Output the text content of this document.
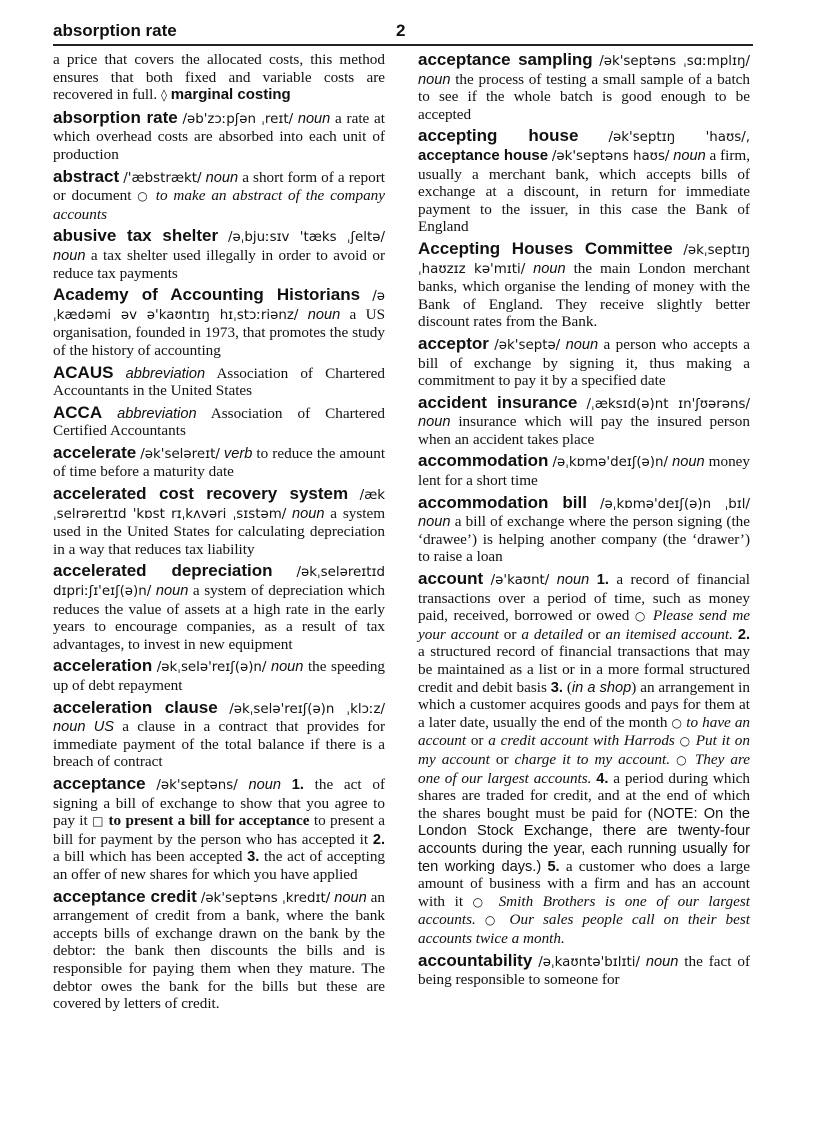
absorption rate	2

a price that covers the allocated costs, this method ensures that both fixed and variable costs are recovered in full. ◊ marginal costing

absorption rate /əb'zɔːpʃən ˌreɪt/ noun a rate at which overhead costs are absorbed into each unit of production

abstract /'æbstrækt/ noun a short form of a report or document ○ to make an abstract of the company accounts

abusive tax shelter /əˌbjuːsɪv 'tæks ˌʃeltə/ noun a tax shelter used illegally in order to avoid or reduce tax payments

Academy of Accounting Historians /əˌkædəmi əv ə'kaʊntɪŋ hɪˌstɔːriənz/ noun a US organisation, founded in 1973, that promotes the study of the history of accounting

ACAUS abbreviation Association of Chartered Accountants in the United States

ACCA abbreviation Association of Chartered Certified Accountants

accelerate /ək'seləreɪt/ verb to reduce the amount of time before a maturity date

accelerated cost recovery system /ækˌselrəreɪtɪd 'kɒst rɪˌkʌvəri ˌsɪstəm/ noun a system used in the United States for calculating depreciation in a way that reduces tax liability

accelerated depreciation /əkˌseləreɪtɪd dɪpriːʃɪ'eɪʃ(ə)n/ noun a system of depreciation which reduces the value of assets at a high rate in the early years to encourage companies, as a result of tax advantages, to invest in new equipment

acceleration /əkˌselə'reɪʃ(ə)n/ noun the speeding up of debt repayment

acceleration clause /əkˌselə'reɪʃ(ə)n ˌklɔːz/ noun US a clause in a contract that provides for immediate payment of the total balance if there is a breach of contract

acceptance /ək'septəns/ noun 1. the act of signing a bill of exchange to show that you agree to pay it □ to present a bill for acceptance to present a bill for payment by the person who has accepted it 2. a bill which has been accepted 3. the act of accepting an offer of new shares for which you have applied

acceptance credit /ək'septəns ˌkredɪt/ noun an arrangement of credit from a bank, where the bank accepts bills of exchange drawn on the bank by the debtor: the bank then discounts the bills and is responsible for paying them when they mature. The debtor owes the bank for the bills but these are covered by letters of credit.

acceptance sampling /ək'septəns ˌsɑːmplɪŋ/ noun the process of testing a small sample of a batch to see if the whole batch is good enough to be accepted

accepting house /ək'septɪŋ 'haʊs/, acceptance house /ək'septəns haʊs/ noun a firm, usually a merchant bank, which accepts bills of exchange at a discount, in return for immediate payment to the issuer, in this case the Bank of England

Accepting Houses Committee /əkˌseptɪŋ ˌhaʊzɪz kə'mɪti/ noun the main London merchant banks, which organise the lending of money with the Bank of England. They receive slightly better discount rates from the Bank.

acceptor /ək'septə/ noun a person who accepts a bill of exchange by signing it, thus making a commitment to pay it by a specified date

accident insurance /ˌæksɪd(ə)nt ɪn'ʃʊərəns/ noun insurance which will pay the insured person when an accident takes place

accommodation /əˌkɒmə'deɪʃ(ə)n/ noun money lent for a short time

accommodation bill /əˌkɒmə'deɪʃ(ə)n ˌbɪl/ noun a bill of exchange where the person signing (the ‘drawee’) is helping another company (the ‘drawer’) to raise a loan

account /ə'kaʊnt/ noun 1. a record of financial transactions over a period of time, such as money paid, received, borrowed or owed ○ Please send me your account or a detailed or an itemised account. 2. a structured record of financial transactions that may be maintained as a list or in a more formal structured credit and debit basis 3. (in a shop) an arrangement in which a customer acquires goods and pays for them at a later date, usually the end of the month ○ to have an account or a credit account with Harrods ○ Put it on my account or charge it to my account. ○ They are one of our largest accounts. 4. a period during which shares are traded for credit, and at the end of which the shares bought must be paid for (NOTE: On the London Stock Exchange, there are twenty-four accounts during the year, each running usually for ten working days.) 5. a customer who does a large amount of business with a firm and has an account with it ○ Smith Brothers is one of our largest accounts. ○ Our sales people call on their best accounts twice a month.

accountability /əˌkaʊntə'bɪlɪti/ noun the fact of being responsible to someone for
